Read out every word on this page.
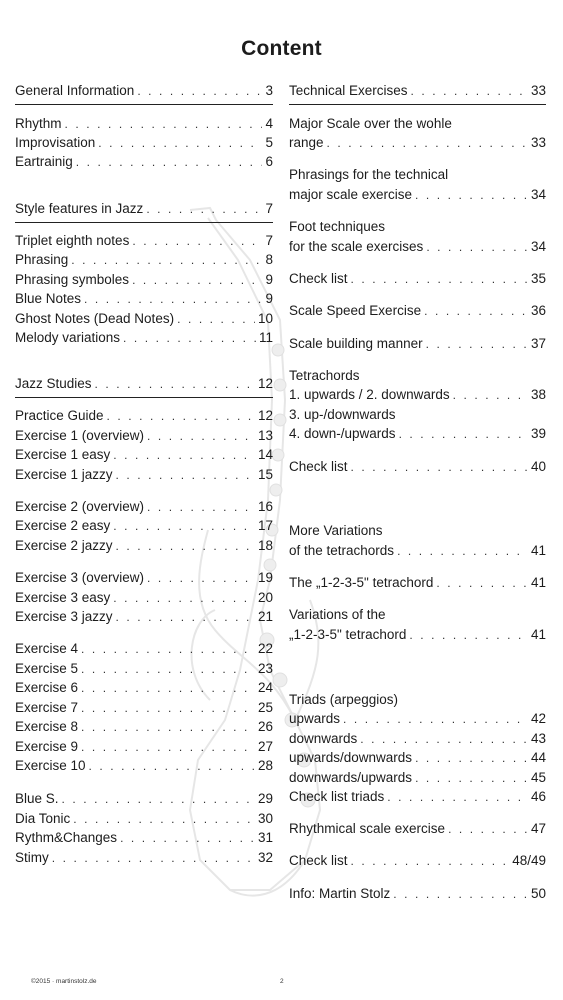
Content
General Information . . .	3
Rhythm . . .	4
Improvisation . . .	5
Eartrainig . . .	6
Style features in Jazz . . .	7
Triplet eighth notes . . .	7
Phrasing . . .	8
Phrasing symboles . . .	9
Blue Notes . . .	9
Ghost Notes (Dead Notes) . . .	10
Melody variations . . .	11
Jazz Studies . . .	12
Practice Guide . . .	12
Exercise 1 (overview) . . .	13
Exercise 1 easy . . .	14
Exercise 1 jazzy . . .	15
Exercise 2 (overview) . . .	16
Exercise 2 easy . . .	17
Exercise 2 jazzy . . .	18
Exercise 3 (overview) . . .	19
Exercise 3 easy . . .	20
Exercise 3 jazzy . . .	21
Exercise 4 . . .	22
Exercise 5 . . .	23
Exercise 6 . . .	24
Exercise 7 . . .	25
Exercise 8 . . .	26
Exercise 9 . . .	27
Exercise 10 . . .	28
Blue S. . . .	29
Dia Tonic . . .	30
Rythm&Changes . . .	31
Stimy . . .	32
Technical Exercises . . .	33
Major Scale over the wohle
range . . .	33
Phrasings for the technical
major scale exercise . . .	34
Foot techniques
for the scale exercises . . .	34
Check list . . .	35
Scale Speed Exercise . . .	36
Scale building manner . . .	37
Tetrachords
1. upwards / 2. downwards . . .	38
3. up-/downwards
4. down-/upwards . . .	39
Check list . . .	40
More Variations
of the tetrachords . . .	41
The „1-2-3-5" tetrachord . . .	41
Variations of the
„1-2-3-5" tetrachord . . .	41
Triads (arpeggios)
upwards . . .	42
downwards . . .	43
upwards/downwards . . .	44
downwards/upwards . . .	45
Check list triads . . .	46
Rhythmical scale exercise . . .	47
Check list . . .	48/49
Info: Martin Stolz . . .	50
©2015 · martinstolz.de	2
